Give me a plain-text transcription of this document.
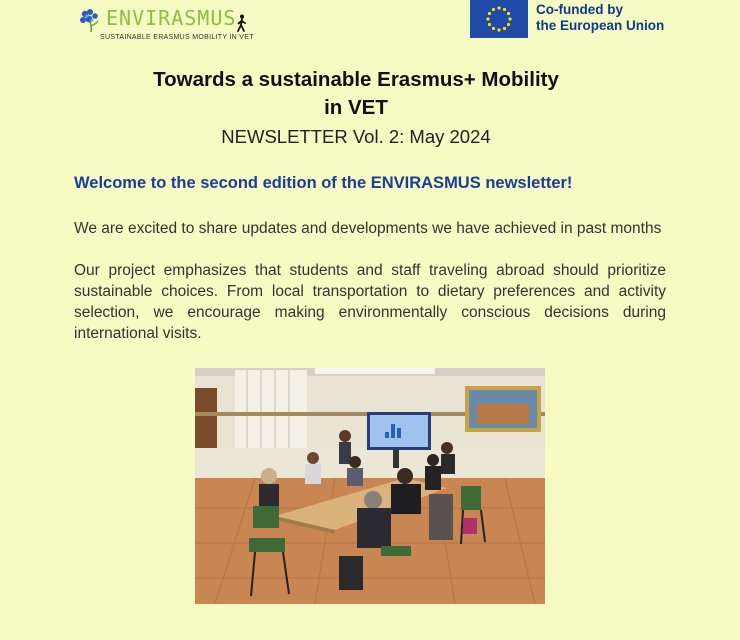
ENVIRASMUS
SUSTAINABLE ERASMUS MOBILITY IN VET
Co-funded by
the European Union
Towards a sustainable Erasmus+ Mobility
in VET
NEWSLETTER Vol. 2: May 2024
Welcome to the second edition of the ENVIRASMUS newsletter!

We are excited to share updates and developments we have achieved in past months

Our project emphasizes that students and staff traveling abroad should prioritize sustainable choices. From local transportation to dietary preferences and activity selection, we encourage making environmentally conscious decisions during international visits.
